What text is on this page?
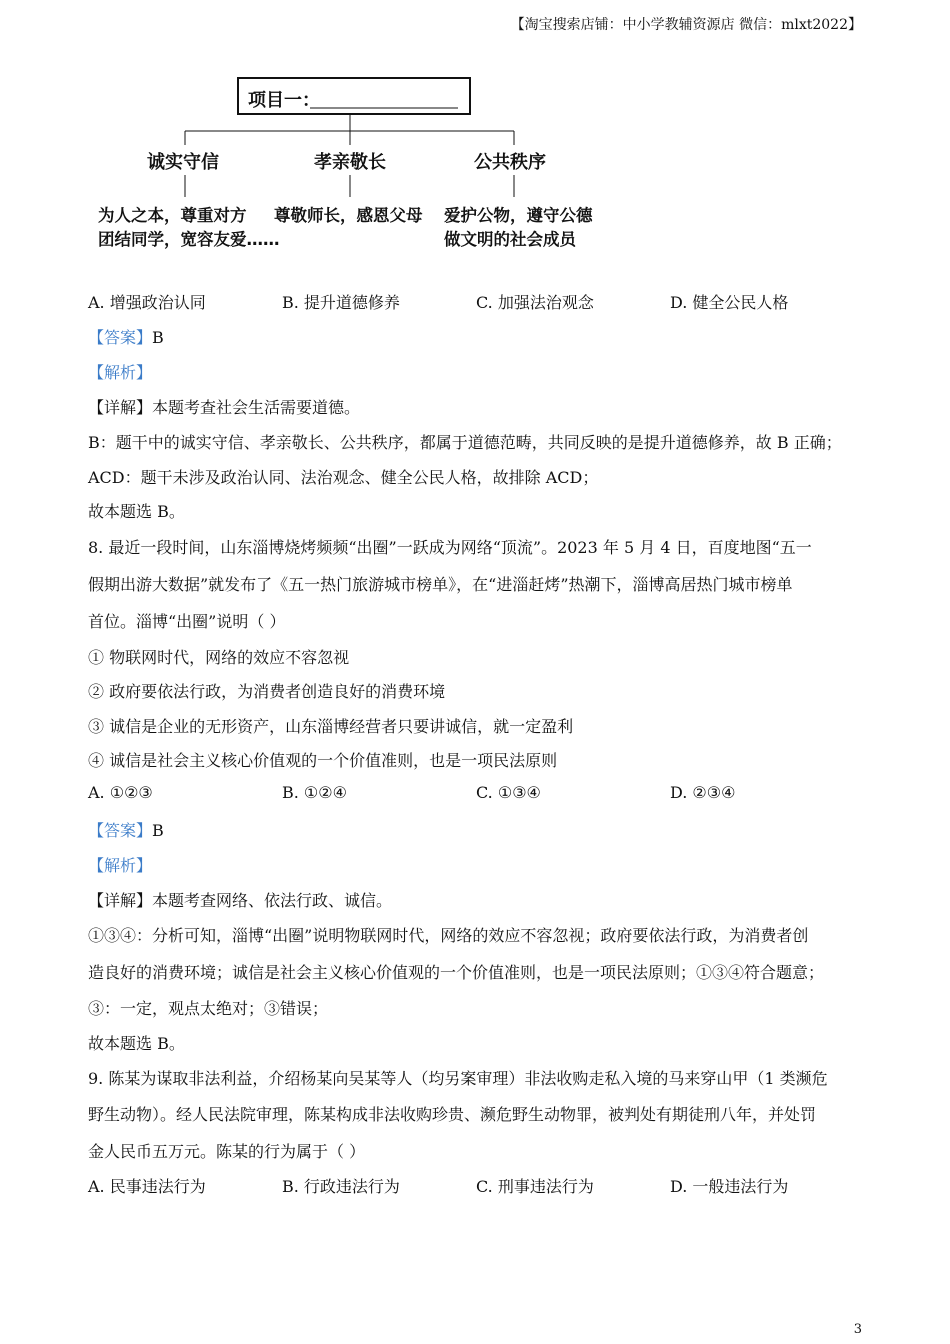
【淘宝搜索店铺：中小学教辅资源店 微信：mlxt2022】
项目一：
诚实守信	孝亲敬长	公共秩序
为人之本，尊重对方
团结同学，宽容友爱……
尊敬师长，感恩父母 爱护公物，遵守公德
做文明的社会成员
A. 增强政治认同	B. 提升道德修养	C. 加强法治观念	D. 健全公民人格
【答案】B
【解析】
【详解】本题考查社会生活需要道德。
B：题干中的诚实守信、孝亲敬长、公共秩序，都属于道德范畴，共同反映的是提升道德修养，故 B 正确；
ACD：题干未涉及政治认同、法治观念、健全公民人格，故排除 ACD；
故本题选 B。
8. 最近一段时间，山东淄博烧烤频频“出圈”一跃成为网络“顶流”。2023 年 5 月 4 日，百度地图“五一
假期出游大数据”就发布了《五一热门旅游城市榜单》，在“进淄赶烤”热潮下，淄博高居热门城市榜单
首位。淄博“出圈”说明（ ）
① 物联网时代，网络的效应不容忽视
② 政府要依法行政，为消费者创造良好的消费环境
③ 诚信是企业的无形资产，山东淄博经营者只要讲诚信，就一定盈利
④ 诚信是社会主义核心价值观的一个价值准则，也是一项民法原则
A. ①②③	B. ①②④	C. ①③④	D. ②③④
【答案】B
【解析】
【详解】本题考查网络、依法行政、诚信。
①③④：分析可知，淄博“出圈”说明物联网时代，网络的效应不容忽视；政府要依法行政，为消费者创
造良好的消费环境；诚信是社会主义核心价值观的一个价值准则，也是一项民法原则；①③④符合题意；
③：一定，观点太绝对；③错误；
故本题选 B。
9. 陈某为谋取非法利益，介绍杨某向吴某等人（均另案审理）非法收购走私入境的马来穿山甲（1 类濒危
野生动物）。经人民法院审理，陈某构成非法收购珍贵、濒危野生动物罪，被判处有期徒刑八年，并处罚
金人民币五万元。陈某的行为属于（ ）
A. 民事违法行为	B. 行政违法行为	C. 刑事违法行为	D. 一般违法行为
3
